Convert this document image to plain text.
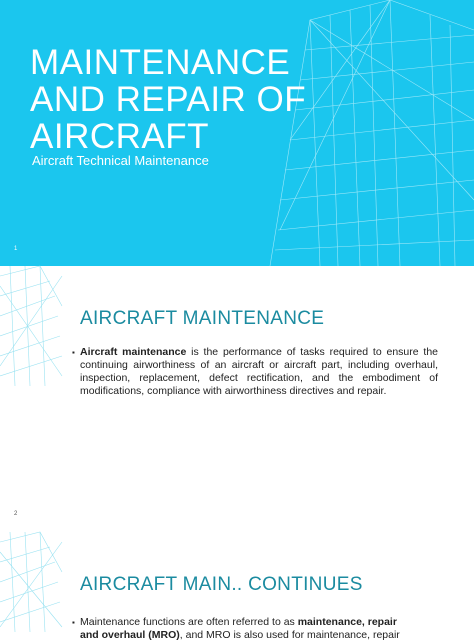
MAINTENANCE AND REPAIR OF AIRCRAFT
Aircraft Technical Maintenance
1
AIRCRAFT MAINTENANCE
▪ Aircraft maintenance is the performance of tasks required to ensure the continuing airworthiness of an aircraft or aircraft part, including overhaul, inspection, replacement, defect rectification, and the embodiment of modifications, compliance with airworthiness directives and repair.
2
AIRCRAFT MAIN.. CONTINUES
▪ Maintenance functions are often referred to as maintenance, repair
and overhaul (MRO), and MRO is also used for maintenance, repair
